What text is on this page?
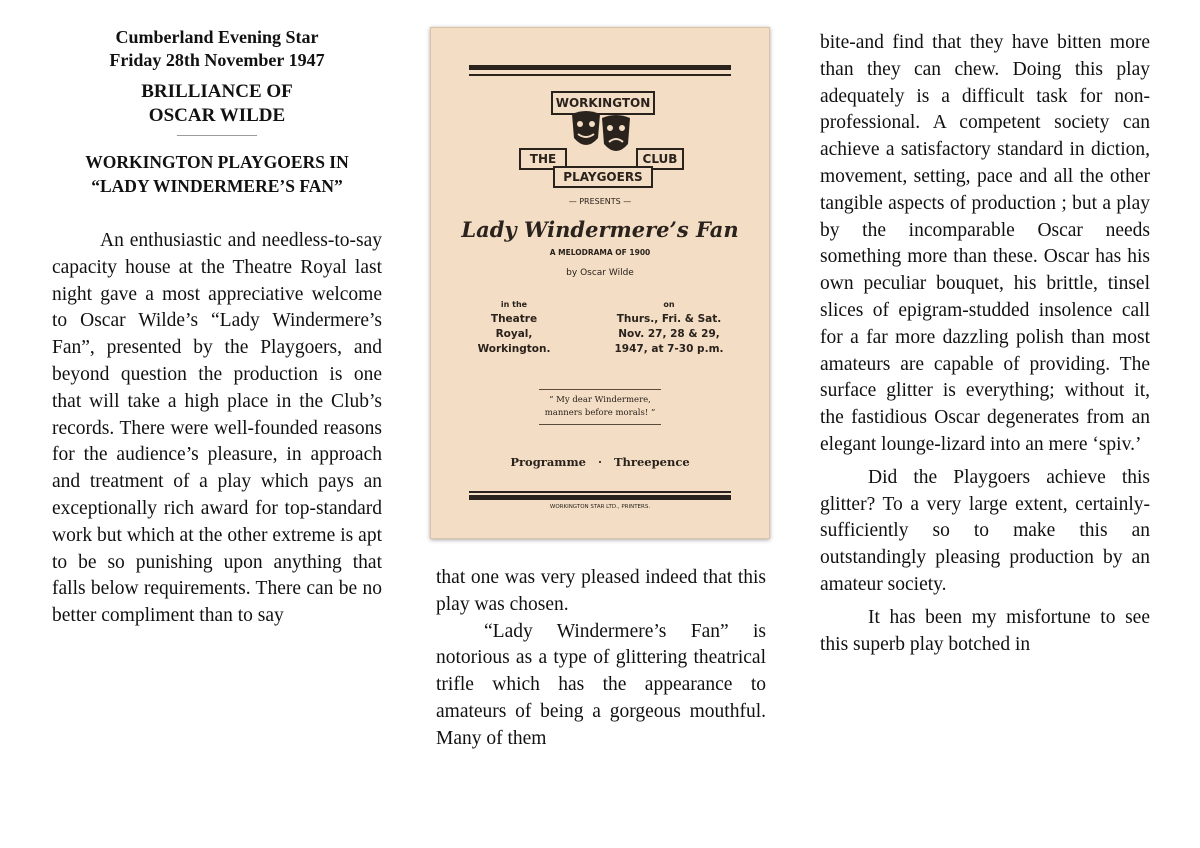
Cumberland Evening Star
Friday 28th November 1947
BRILLIANCE OF
OSCAR WILDE
————————
WORKINGTON PLAYGOERS IN
“LADY WINDERMERE’S FAN”

An enthusiastic and needless-to-say capacity house at the Theatre Royal last night gave a most appreciative welcome to Oscar Wilde’s “Lady Windermere’s Fan”, presented by the Playgoers, and beyond question the production is one that will take a high place in the Club’s records. There were well-founded reasons for the audience’s pleasure, in approach and treatment of a play which pays an exceptionally rich award for top-standard work but which at the other extreme is apt to be so punishing upon anything that falls below requirements. There can be no better compliment than to say

WORKINGTON
THE	CLUB
PLAYGOERS
— PRESENTS —
Lady Windermere’s Fan
A MELODRAMA OF 1900
by Oscar Wilde
in the
Theatre
Royal,
Workington.
on
Thurs., Fri. & Sat.
Nov. 27, 28 & 29,
1947, at 7-30 p.m.
“ My dear Windermere,
manners before morals! ”
Programme · Threepence
WORKINGTON STAR LTD., PRINTERS.

that one was very pleased indeed that this play was chosen.

“Lady Windermere’s Fan” is notorious as a type of glittering theatrical trifle which has the appearance to amateurs of being a gorgeous mouthful. Many of them

bite-and find that they have bitten more than they can chew. Doing this play adequately is a difficult task for non-professional. A competent society can achieve a satisfactory standard in diction, movement, setting, pace and all the other tangible aspects of production ; but a play by the incomparable Oscar needs something more than these. Oscar has his own peculiar bouquet, his brittle, tinsel slices of epigram-studded insolence call for a far more dazzling polish than most amateurs are capable of providing. The surface glitter is everything; without it, the fastidious Oscar degenerates from an elegant lounge-lizard into an mere ‘spiv.’

Did the Playgoers achieve this glitter? To a very large extent, certainly-sufficiently so to make this an outstandingly pleasing production by an amateur society.

It has been my misfortune to see this superb play botched in
